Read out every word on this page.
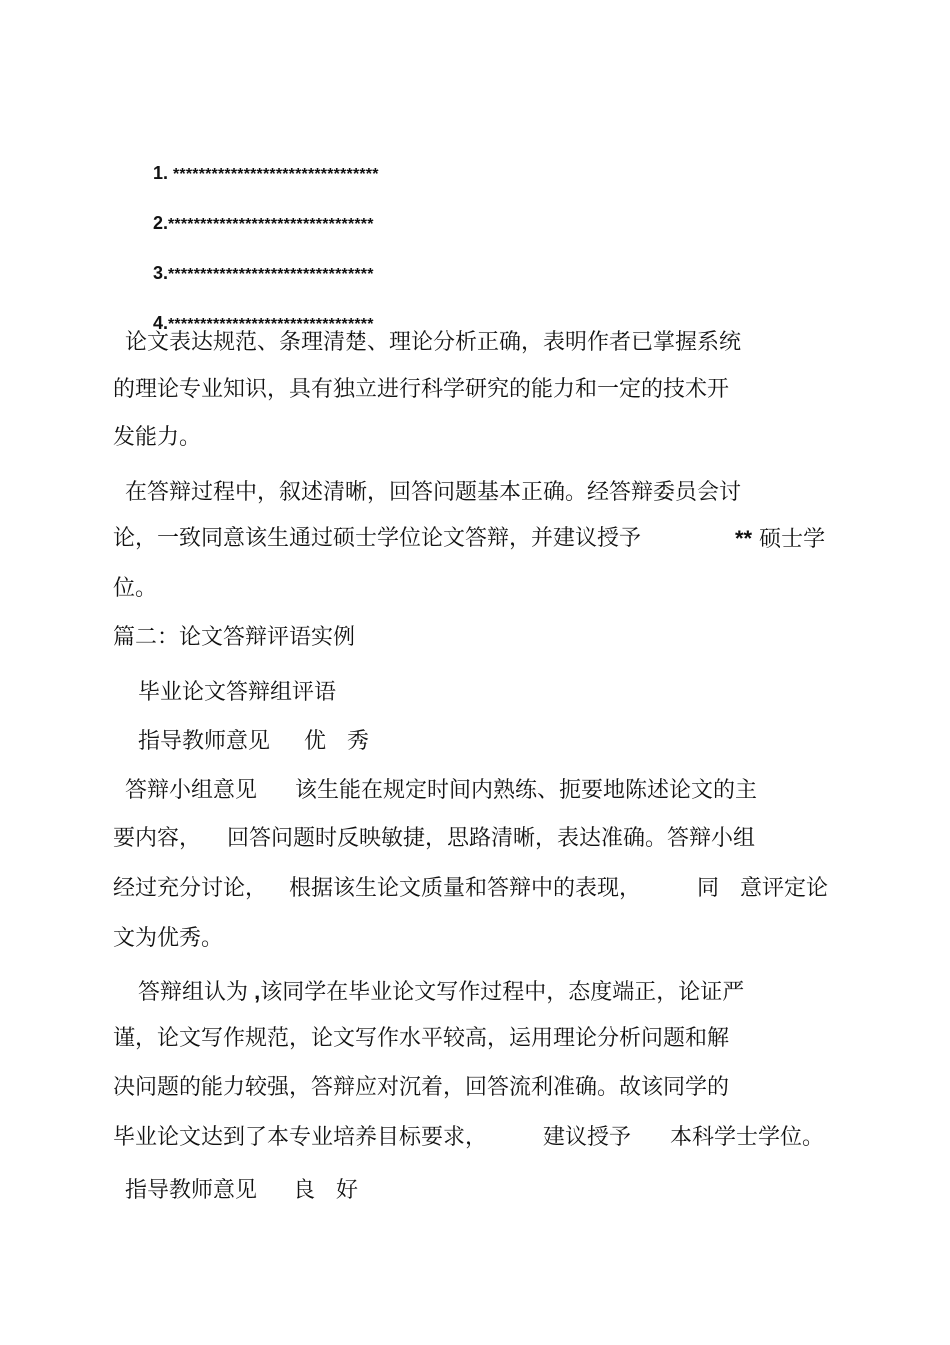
1. ********************************

2.********************************

3.********************************

4.********************************

论文表达规范、条理清楚、理论分析正确，表明作者已掌握系统
的理论专业知识，具有独立进行科学研究的能力和一定的技术开
发能力。
在答辩过程中，叙述清晰，回答问题基本正确。经答辩委员会讨
论，一致同意该生通过硕士学位论文答辩，并建议授予	** 硕士学
位。
篇二：论文答辩评语实例
毕业论文答辩组评语
指导教师意见 优   秀
答辩小组意见 该生能在规定时间内熟练、扼要地陈述论文的主
要内容， 回答问题时反映敏捷，思路清晰，表达准确。答辩小组
经过充分讨论， 根据该生论文质量和答辩中的表现，	同   意评定论
文为优秀。
答辩组认为 ,该同学在毕业论文写作过程中，态度端正，论证严
谨，论文写作规范，论文写作水平较高，运用理论分析问题和解
决问题的能力较强，答辩应对沉着，回答流利准确。故该同学的
毕业论文达到了本专业培养目标要求，	建议授予 本科学士学位。
指导教师意见 良   好
